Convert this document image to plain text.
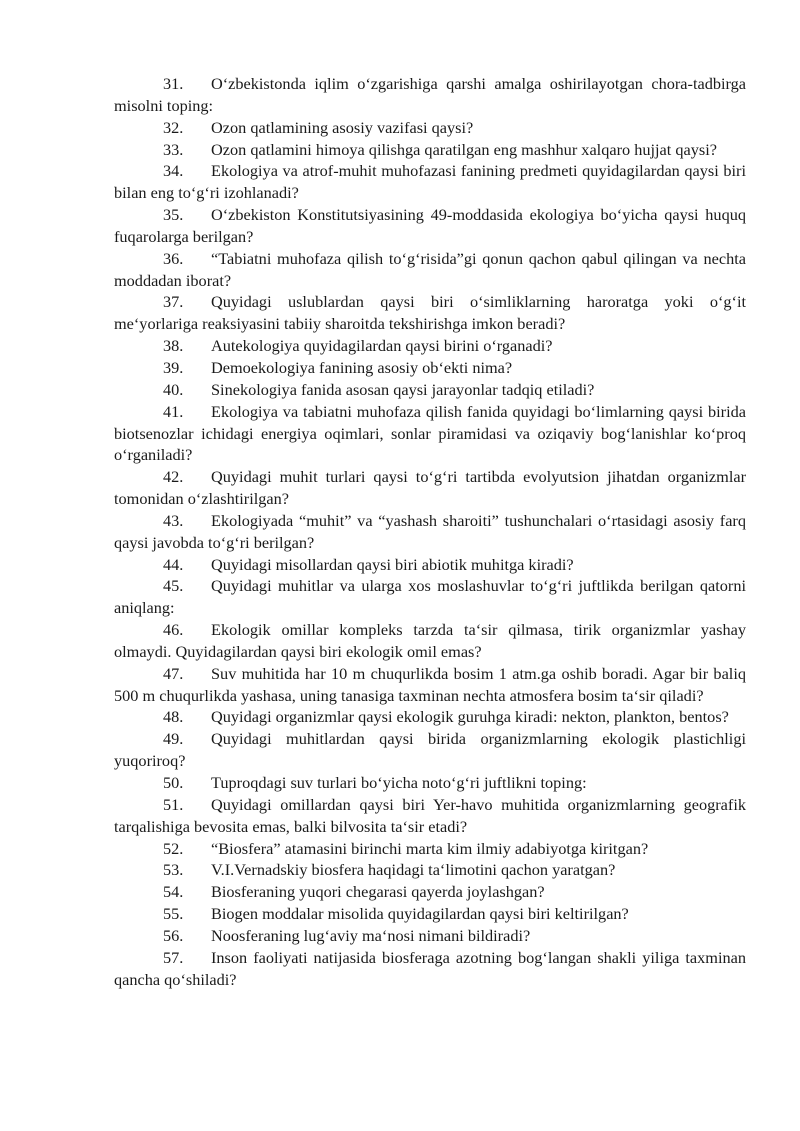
31. O‘zbekistonda iqlim o‘zgarishiga qarshi amalga oshirilayotgan chora-tadbirga misolni toping:

32. Ozon qatlamining asosiy vazifasi qaysi?

33. Ozon qatlamini himoya qilishga qaratilgan eng mashhur xalqaro hujjat qaysi?

34. Ekologiya va atrof-muhit muhofazasi fanining predmeti quyidagilardan qaysi biri bilan eng to‘g‘ri izohlanadi?

35. O‘zbekiston Konstitutsiyasining 49-moddasida ekologiya bo‘yicha qaysi huquq fuqarolarga berilgan?

36. “Tabiatni muhofaza qilish to‘g‘risida”gi qonun qachon qabul qilingan va nechta moddadan iborat?

37. Quyidagi uslublardan qaysi biri o‘simliklarning haroratga yoki o‘g‘it me‘yorlariga reaksiyasini tabiiy sharoitda tekshirishga imkon beradi?

38. Autekologiya quyidagilardan qaysi birini o‘rganadi?

39. Demoekologiya fanining asosiy ob‘ekti nima?

40. Sinekologiya fanida asosan qaysi jarayonlar tadqiq etiladi?

41. Ekologiya va tabiatni muhofaza qilish fanida quyidagi bo‘limlarning qaysi birida biotsenozlar ichidagi energiya oqimlari, sonlar piramidasi va oziqaviy bog‘lanishlar ko‘proq o‘rganiladi?

42. Quyidagi muhit turlari qaysi to‘g‘ri tartibda evolyutsion jihatdan organizmlar tomonidan o‘zlashtirilgan?

43. Ekologiyada “muhit” va “yashash sharoiti” tushunchalari o‘rtasidagi asosiy farq qaysi javobda to‘g‘ri berilgan?

44. Quyidagi misollardan qaysi biri abiotik muhitga kiradi?

45. Quyidagi muhitlar va ularga xos moslashuvlar to‘g‘ri juftlikda berilgan qatorni aniqlang:

46. Ekologik omillar kompleks tarzda ta‘sir qilmasa, tirik organizmlar yashay olmaydi. Quyidagilardan qaysi biri ekologik omil emas?

47. Suv muhitida har 10 m chuqurlikda bosim 1 atm.ga oshib boradi. Agar bir baliq 500 m chuqurlikda yashasa, uning tanasiga taxminan nechta atmosfera bosim ta‘sir qiladi?

48. Quyidagi organizmlar qaysi ekologik guruhga kiradi: nekton, plankton, bentos?

49. Quyidagi muhitlardan qaysi birida organizmlarning ekologik plastichligi yuqoriroq?

50. Tuproqdagi suv turlari bo‘yicha noto‘g‘ri juftlikni toping:

51. Quyidagi omillardan qaysi biri Yer-havo muhitida organizmlarning geografik tarqalishiga bevosita emas, balki bilvosita ta‘sir etadi?

52. “Biosfera” atamasini birinchi marta kim ilmiy adabiyotga kiritgan?

53. V.I.Vernadskiy biosfera haqidagi ta‘limotini qachon yaratgan?

54. Biosferaning yuqori chegarasi qayerda joylashgan?

55. Biogen moddalar misolida quyidagilardan qaysi biri keltirilgan?

56. Noosferaning lug‘aviy ma‘nosi nimani bildiradi?

57. Inson faoliyati natijasida biosferaga azotning bog‘langan shakli yiliga taxminan qancha qo‘shiladi?
